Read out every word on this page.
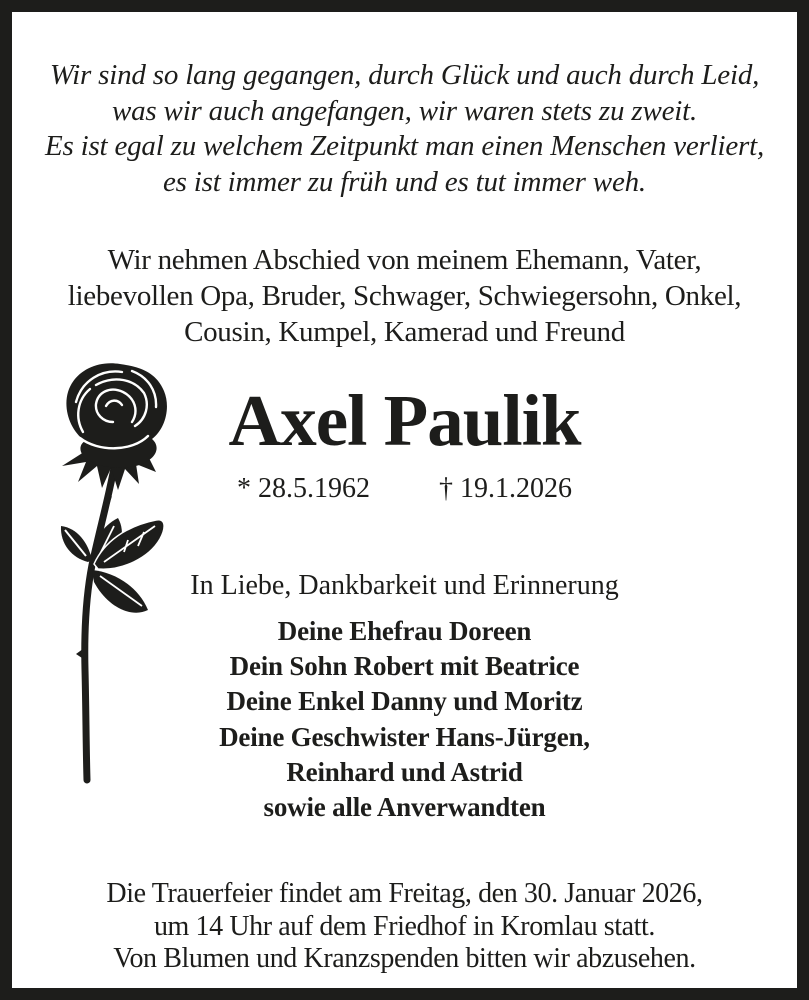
Wir sind so lang gegangen, durch Glück und auch durch Leid,
was wir auch angefangen, wir waren stets zu zweit.
Es ist egal zu welchem Zeitpunkt man einen Menschen verliert,
es ist immer zu früh und es tut immer weh.
Wir nehmen Abschied von meinem Ehemann, Vater,
liebevollen Opa, Bruder, Schwager, Schwiegersohn, Onkel,
Cousin, Kumpel, Kamerad und Freund
Axel Paulik
* 28.5.1962 † 19.1.2026
In Liebe, Dankbarkeit und Erinnerung
Deine Ehefrau Doreen
Dein Sohn Robert mit Beatrice
Deine Enkel Danny und Moritz
Deine Geschwister Hans-Jürgen,
Reinhard und Astrid
sowie alle Anverwandten
Die Trauerfeier findet am Freitag, den 30. Januar 2026,
um 14 Uhr auf dem Friedhof in Kromlau statt.
Von Blumen und Kranzspenden bitten wir abzusehen.
